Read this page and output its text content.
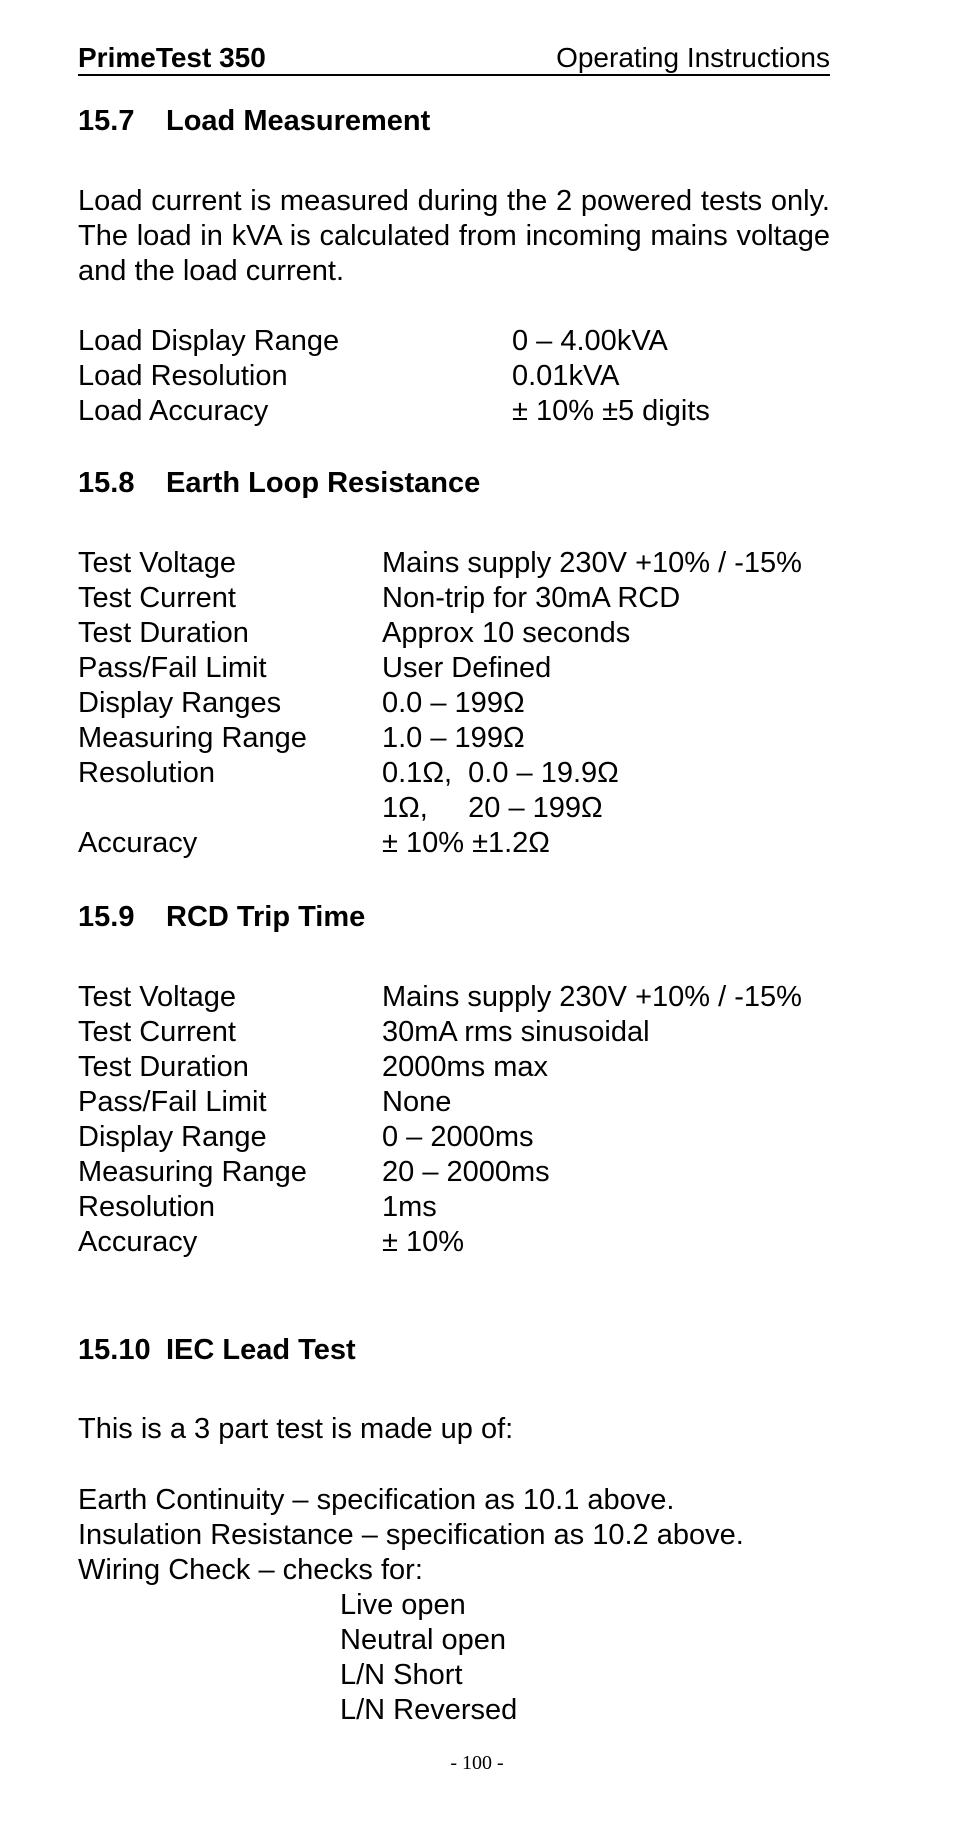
PrimeTest 350	Operating Instructions
15.7 Load Measurement
Load current is measured during the 2 powered tests only. The load in kVA is calculated from incoming mains voltage and the load current.
Load Display Range	0 – 4.00kVA
Load Resolution	0.01kVA
Load Accuracy	± 10% ±5 digits
15.8 Earth Loop Resistance
Test Voltage	Mains supply 230V +10% / -15%
Test Current	Non-trip for 30mA RCD
Test Duration	Approx 10 seconds
Pass/Fail Limit	User Defined
Display Ranges	0.0 – 199Ω
Measuring Range	1.0 – 199Ω
Resolution	0.1Ω,  0.0 – 19.9Ω
1Ω,     20 – 199Ω
Accuracy	± 10% ±1.2Ω
15.9 RCD Trip Time
Test Voltage	Mains supply 230V +10% / -15%
Test Current	30mA rms sinusoidal
Test Duration	2000ms max
Pass/Fail Limit	None
Display Range	0 – 2000ms
Measuring Range	20 – 2000ms
Resolution	1ms
Accuracy	± 10%
15.10 IEC Lead Test
This is a 3 part test is made up of:
Earth Continuity – specification as 10.1 above.
Insulation Resistance – specification as 10.2 above.
Wiring Check – checks for:
Live open
Neutral open
L/N Short
L/N Reversed
- 100 -
